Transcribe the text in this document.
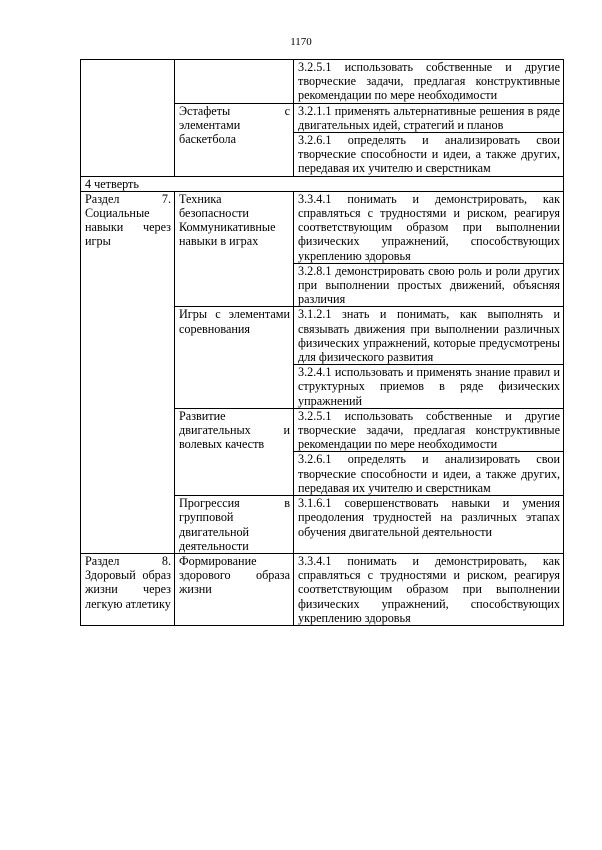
1170
		3.2.5.1 использовать собственные и другие творческие задачи, предлагая конструктивные рекомендации по мере необходимости
	Эстафеты с элементами баскетбола	3.2.1.1 применять альтернативные решения в ряде двигательных идей, стратегий и планов
		3.2.6.1 определять и анализировать свои творческие способности и идеи, а также других, передавая их учителю и сверстникам
4 четверть		
Раздел 7. Социальные навыки через игры	Техника безопасности Коммуникативные навыки в играх	3.3.4.1 понимать и демонстрировать, как справляться с трудностями и риском, реагируя соответствующим образом при выполнении физических упражнений, способствующих укреплению здоровья
		3.2.8.1 демонстрировать свою роль и роли других при выполнении простых движений, объясняя различия
	Игры с элементами соревнования	3.1.2.1 знать и понимать, как выполнять и связывать движения при выполнении различных физических упражнений, которые предусмотрены для физического развития
		3.2.4.1 использовать и применять знание правил и структурных приемов в ряде физических упражнений
	Развитие двигательных и волевых качеств	3.2.5.1 использовать собственные и другие творческие задачи, предлагая конструктивные рекомендации по мере необходимости
		3.2.6.1 определять и анализировать свои творческие способности и идеи, а также других, передавая их учителю и сверстникам
	Прогрессия в групповой двигательной деятельности	3.1.6.1 совершенствовать навыки и умения преодоления трудностей на различных этапах обучения двигательной деятельности
Раздел 8. Здоровый образ жизни через легкую атлетику	Формирование здорового образа жизни	3.3.4.1 понимать и демонстрировать, как справляться с трудностями и риском, реагируя соответствующим образом при выполнении физических упражнений, способствующих укреплению здоровья
